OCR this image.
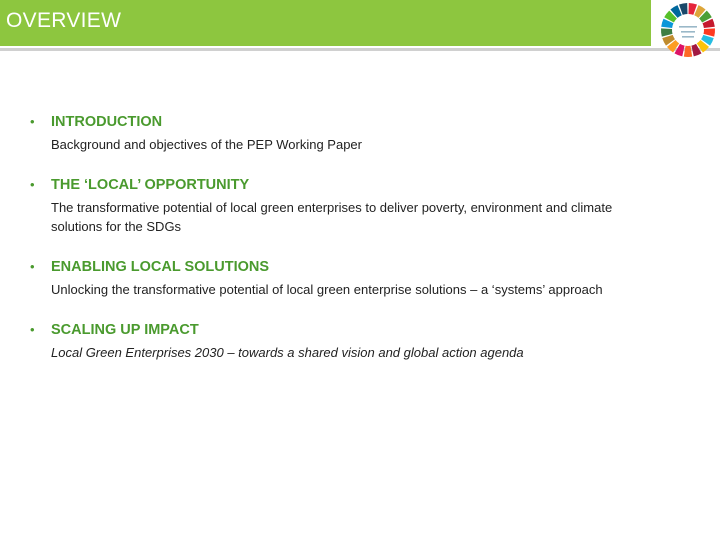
OVERVIEW
• INTRODUCTION
Background and objectives of the PEP Working Paper
• THE ‘LOCAL’ OPPORTUNITY
The transformative potential of local green enterprises to deliver poverty, environment and climate solutions for the SDGs
• ENABLING LOCAL SOLUTIONS
Unlocking the transformative potential of local green enterprise solutions – a ‘systems’ approach
• SCALING UP IMPACT
Local Green Enterprises 2030 – towards a shared vision and global action agenda
